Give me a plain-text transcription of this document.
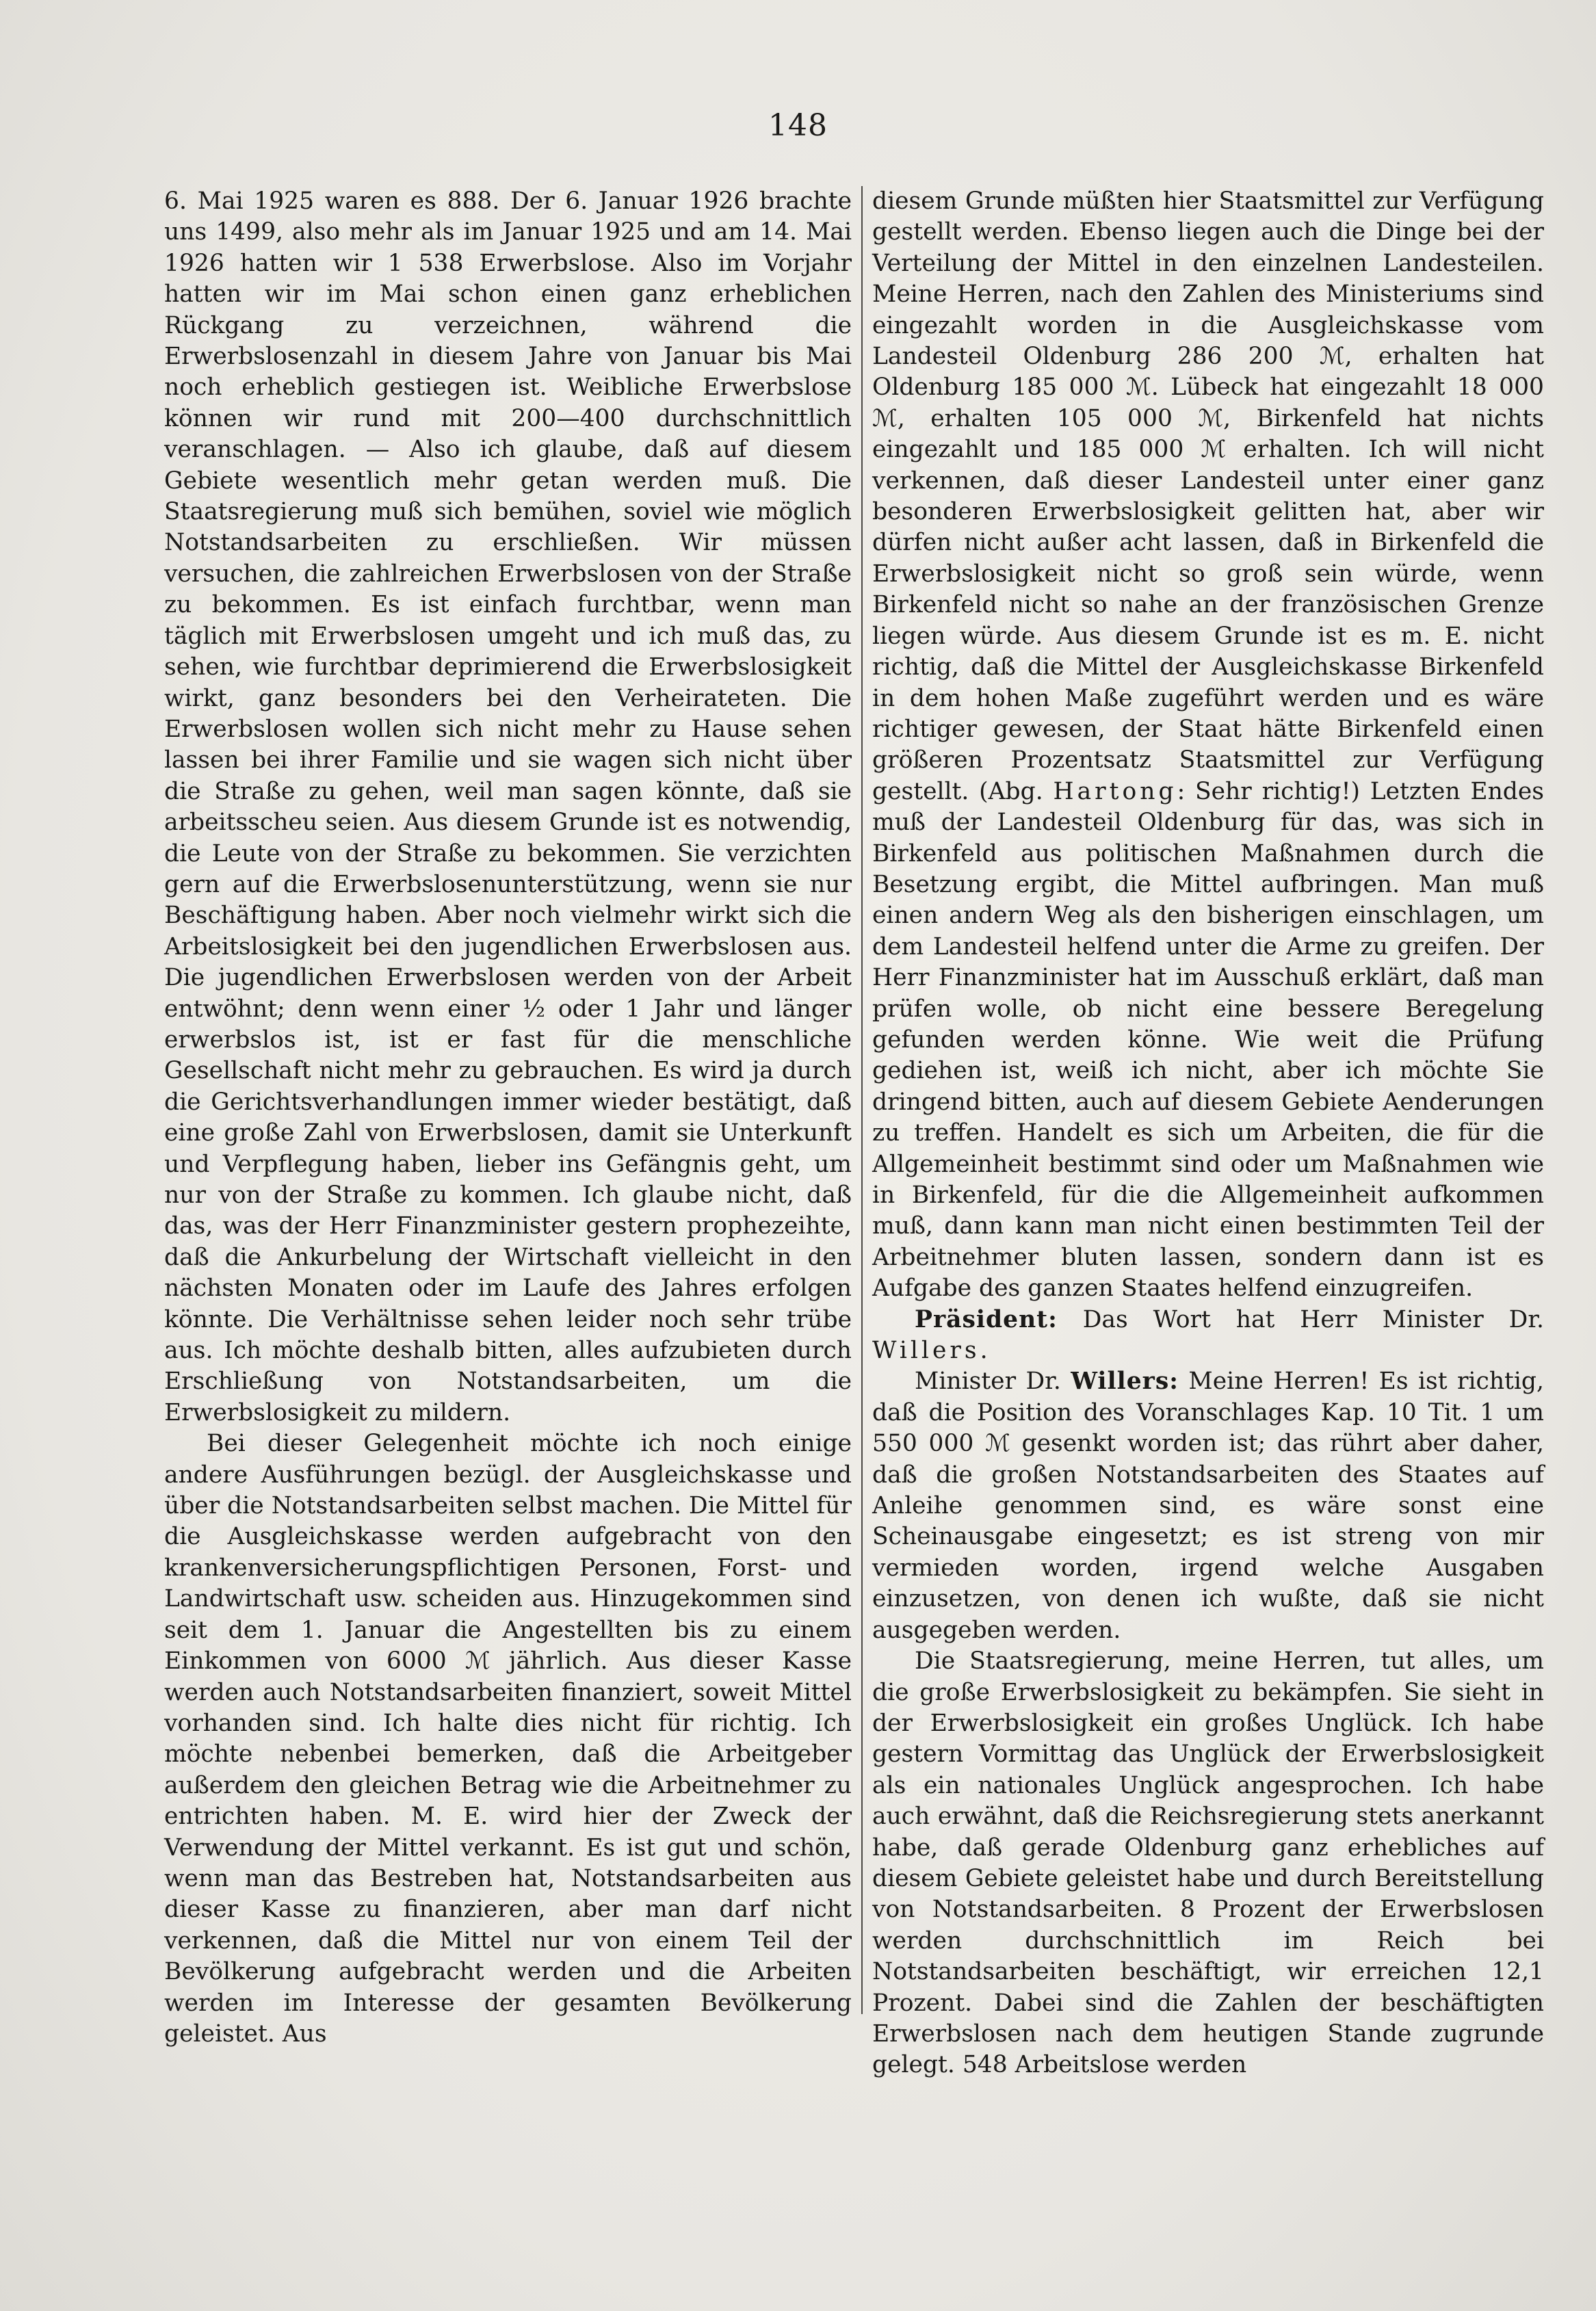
148

6. Mai 1925 waren es 888. Der 6. Januar 1926 brachte uns 1499, also mehr als im Januar 1925 und am 14. Mai 1926 hatten wir 1 538 Erwerbslose. Also im Vorjahr hatten wir im Mai schon einen ganz erheblichen Rückgang zu verzeichnen, während die Erwerbslosenzahl in diesem Jahre von Januar bis Mai noch erheblich gestiegen ist. Weibliche Erwerbslose können wir rund mit 200—400 durchschnittlich veranschlagen. — Also ich glaube, daß auf diesem Gebiete wesentlich mehr getan werden muß. Die Staatsregierung muß sich bemühen, soviel wie möglich Notstandsarbeiten zu erschließen. Wir müssen versuchen, die zahlreichen Erwerbslosen von der Straße zu bekommen. Es ist einfach furchtbar, wenn man täglich mit Erwerbslosen umgeht und ich muß das, zu sehen, wie furchtbar deprimierend die Erwerbslosigkeit wirkt, ganz besonders bei den Verheirateten. Die Erwerbslosen wollen sich nicht mehr zu Hause sehen lassen bei ihrer Familie und sie wagen sich nicht über die Straße zu gehen, weil man sagen könnte, daß sie arbeitsscheu seien. Aus diesem Grunde ist es notwendig, die Leute von der Straße zu bekommen. Sie verzichten gern auf die Erwerbslosenunterstützung, wenn sie nur Beschäftigung haben. Aber noch vielmehr wirkt sich die Arbeitslosigkeit bei den jugendlichen Erwerbslosen aus. Die jugendlichen Erwerbslosen werden von der Arbeit entwöhnt; denn wenn einer ½ oder 1 Jahr und länger erwerbslos ist, ist er fast für die menschliche Gesellschaft nicht mehr zu gebrauchen. Es wird ja durch die Gerichtsverhandlungen immer wieder bestätigt, daß eine große Zahl von Erwerbslosen, damit sie Unterkunft und Verpflegung haben, lieber ins Gefängnis geht, um nur von der Straße zu kommen. Ich glaube nicht, daß das, was der Herr Finanzminister gestern prophezeihte, daß die Ankurbelung der Wirtschaft vielleicht in den nächsten Monaten oder im Laufe des Jahres erfolgen könnte. Die Verhältnisse sehen leider noch sehr trübe aus. Ich möchte deshalb bitten, alles aufzubieten durch Erschließung von Notstandsarbeiten, um die Erwerbslosigkeit zu mildern.

Bei dieser Gelegenheit möchte ich noch einige andere Ausführungen bezügl. der Ausgleichskasse und über die Notstandsarbeiten selbst machen. Die Mittel für die Ausgleichskasse werden aufgebracht von den krankenversicherungspflichtigen Personen, Forst- und Landwirtschaft usw. scheiden aus. Hinzugekommen sind seit dem 1. Januar die Angestellten bis zu einem Einkommen von 6000 ℳ jährlich. Aus dieser Kasse werden auch Notstandsarbeiten finanziert, soweit Mittel vorhanden sind. Ich halte dies nicht für richtig. Ich möchte nebenbei bemerken, daß die Arbeitgeber außerdem den gleichen Betrag wie die Arbeitnehmer zu entrichten haben. M. E. wird hier der Zweck der Verwendung der Mittel verkannt. Es ist gut und schön, wenn man das Bestreben hat, Notstandsarbeiten aus dieser Kasse zu finanzieren, aber man darf nicht verkennen, daß die Mittel nur von einem Teil der Bevölkerung aufgebracht werden und die Arbeiten werden im Interesse der gesamten Bevölkerung geleistet. Aus

diesem Grunde müßten hier Staatsmittel zur Verfügung gestellt werden. Ebenso liegen auch die Dinge bei der Verteilung der Mittel in den einzelnen Landesteilen. Meine Herren, nach den Zahlen des Ministeriums sind eingezahlt worden in die Ausgleichskasse vom Landesteil Oldenburg 286 200 ℳ, erhalten hat Oldenburg 185 000 ℳ. Lübeck hat eingezahlt 18 000 ℳ, erhalten 105 000 ℳ, Birkenfeld hat nichts eingezahlt und 185 000 ℳ erhalten. Ich will nicht verkennen, daß dieser Landesteil unter einer ganz besonderen Erwerbslosigkeit gelitten hat, aber wir dürfen nicht außer acht lassen, daß in Birkenfeld die Erwerbslosigkeit nicht so groß sein würde, wenn Birkenfeld nicht so nahe an der französischen Grenze liegen würde. Aus diesem Grunde ist es m. E. nicht richtig, daß die Mittel der Ausgleichskasse Birkenfeld in dem hohen Maße zugeführt werden und es wäre richtiger gewesen, der Staat hätte Birkenfeld einen größeren Prozentsatz Staatsmittel zur Verfügung gestellt. (Abg. Hartong: Sehr richtig!) Letzten Endes muß der Landesteil Oldenburg für das, was sich in Birkenfeld aus politischen Maßnahmen durch die Besetzung ergibt, die Mittel aufbringen. Man muß einen andern Weg als den bisherigen einschlagen, um dem Landesteil helfend unter die Arme zu greifen. Der Herr Finanzminister hat im Ausschuß erklärt, daß man prüfen wolle, ob nicht eine bessere Beregelung gefunden werden könne. Wie weit die Prüfung gediehen ist, weiß ich nicht, aber ich möchte Sie dringend bitten, auch auf diesem Gebiete Aenderungen zu treffen. Handelt es sich um Arbeiten, die für die Allgemeinheit bestimmt sind oder um Maßnahmen wie in Birkenfeld, für die die Allgemeinheit aufkommen muß, dann kann man nicht einen bestimmten Teil der Arbeitnehmer bluten lassen, sondern dann ist es Aufgabe des ganzen Staates helfend einzugreifen.

Präsident: Das Wort hat Herr Minister Dr. Willers.

Minister Dr. Willers: Meine Herren! Es ist richtig, daß die Position des Voranschlages Kap. 10 Tit. 1 um 550 000 ℳ gesenkt worden ist; das rührt aber daher, daß die großen Notstandsarbeiten des Staates auf Anleihe genommen sind, es wäre sonst eine Scheinausgabe eingesetzt; es ist streng von mir vermieden worden, irgend welche Ausgaben einzusetzen, von denen ich wußte, daß sie nicht ausgegeben werden.

Die Staatsregierung, meine Herren, tut alles, um die große Erwerbslosigkeit zu bekämpfen. Sie sieht in der Erwerbslosigkeit ein großes Unglück. Ich habe gestern Vormittag das Unglück der Erwerbslosigkeit als ein nationales Unglück angesprochen. Ich habe auch erwähnt, daß die Reichsregierung stets anerkannt habe, daß gerade Oldenburg ganz erhebliches auf diesem Gebiete geleistet habe und durch Bereitstellung von Notstandsarbeiten. 8 Prozent der Erwerbslosen werden durchschnittlich im Reich bei Notstandsarbeiten beschäftigt, wir erreichen 12,1 Prozent. Dabei sind die Zahlen der beschäftigten Erwerbslosen nach dem heutigen Stande zugrunde gelegt. 548 Arbeitslose werden
